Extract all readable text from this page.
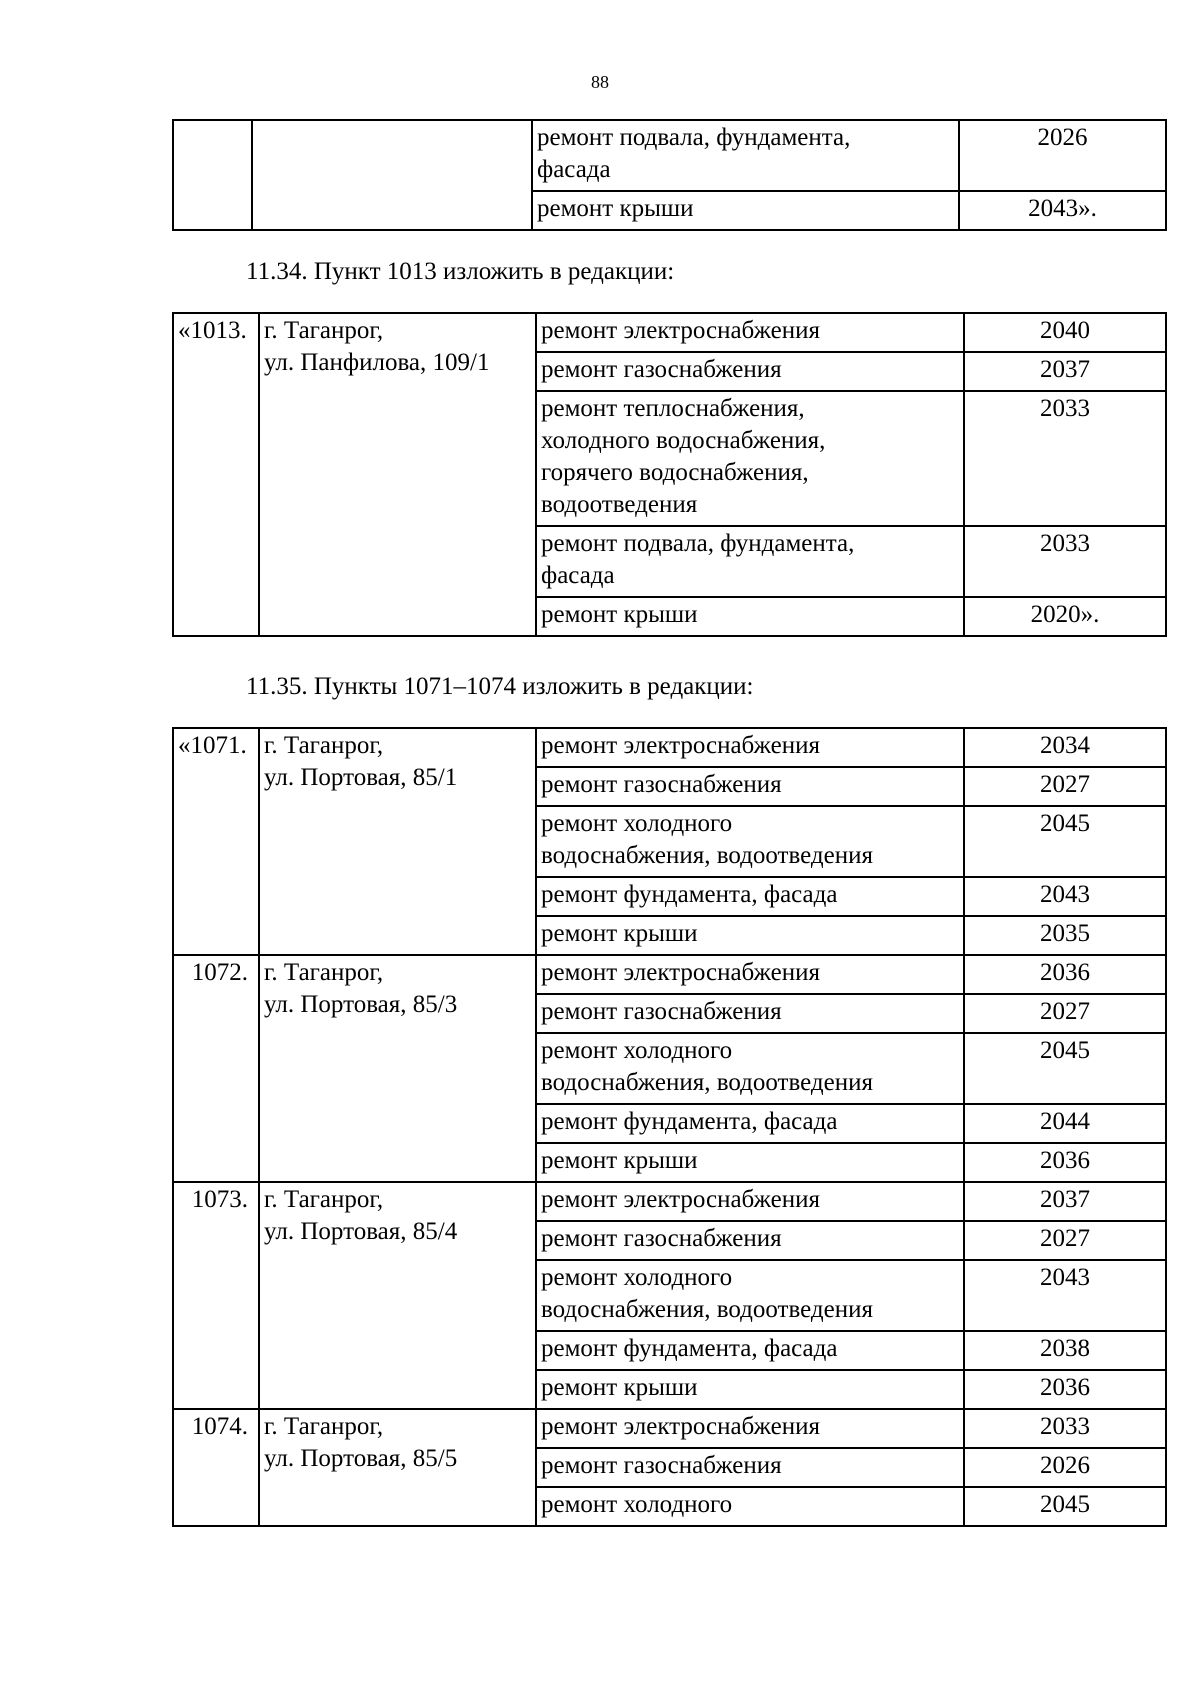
88

		ремонт подвала, фундамента,
фасада	2026

		ремонт крыши	2043».
11.34. Пункт 1013 изложить в редакции:
«1013.	г. Таганрог,
ул. Панфилова, 109/1	ремонт электроснабжения	2040

		ремонт газоснабжения	2037

		ремонт теплоснабжения,
холодного водоснабжения,
горячего водоснабжения,
водоотведения	2033

		ремонт подвала, фундамента,
фасада	2033

		ремонт крыши	2020».
11.35. Пункты 1071–1074 изложить в редакции:
«1071.	г. Таганрог,
ул. Портовая, 85/1	ремонт электроснабжения	2034

		ремонт газоснабжения	2027

		ремонт холодного
водоснабжения, водоотведения	2045

		ремонт фундамента, фасада	2043

		ремонт крыши	2035
1072.	г. Таганрог,
ул. Портовая, 85/3	ремонт электроснабжения	2036

		ремонт газоснабжения	2027

		ремонт холодного
водоснабжения, водоотведения	2045

		ремонт фундамента, фасада	2044

		ремонт крыши	2036
1073.	г. Таганрог,
ул. Портовая, 85/4	ремонт электроснабжения	2037

		ремонт газоснабжения	2027

		ремонт холодного
водоснабжения, водоотведения	2043

		ремонт фундамента, фасада	2038

		ремонт крыши	2036
1074.	г. Таганрог,
ул. Портовая, 85/5	ремонт электроснабжения	2033

		ремонт газоснабжения	2026

		ремонт холодного	2045
